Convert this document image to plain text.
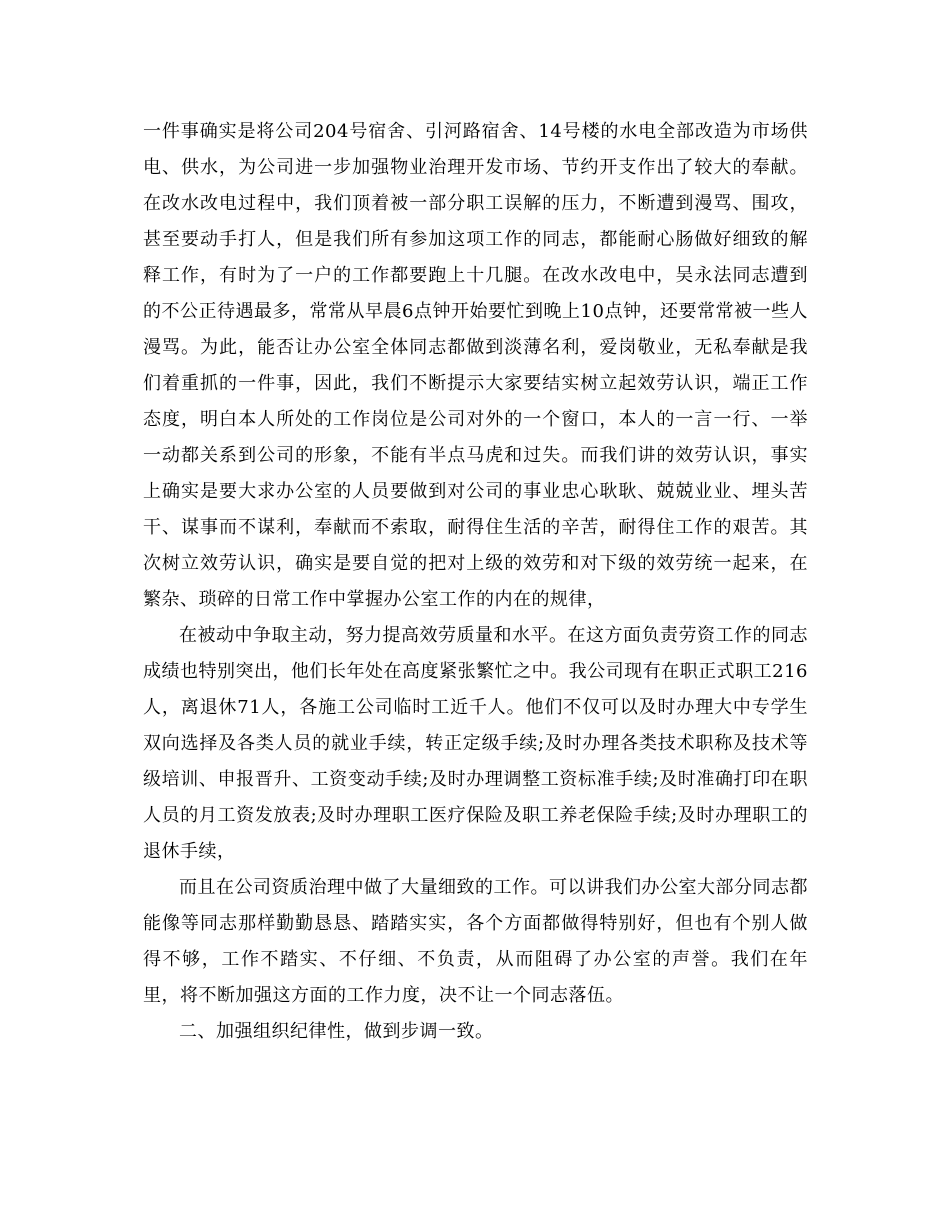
一件事确实是将公司204号宿舍、引河路宿舍、14号楼的水电全部改造为市场供电、供水，为公司进一步加强物业治理开发市场、节约开支作出了较大的奉献。在改水改电过程中，我们顶着被一部分职工误解的压力，不断遭到漫骂、围攻，甚至要动手打人，但是我们所有参加这项工作的同志，都能耐心肠做好细致的解释工作，有时为了一户的工作都要跑上十几腿。在改水改电中，吴永法同志遭到的不公正待遇最多，常常从早晨6点钟开始要忙到晚上10点钟，还要常常被一些人漫骂。为此，能否让办公室全体同志都做到淡薄名利，爱岗敬业，无私奉献是我们着重抓的一件事，因此，我们不断提示大家要结实树立起效劳认识，端正工作态度，明白本人所处的工作岗位是公司对外的一个窗口，本人的一言一行、一举一动都关系到公司的形象，不能有半点马虎和过失。而我们讲的效劳认识，事实上确实是要大求办公室的人员要做到对公司的事业忠心耿耿、兢兢业业、埋头苦干、谋事而不谋利，奉献而不索取，耐得住生活的辛苦，耐得住工作的艰苦。其次树立效劳认识，确实是要自觉的把对上级的效劳和对下级的效劳统一起来，在繁杂、琐碎的日常工作中掌握办公室工作的内在的规律，

在被动中争取主动，努力提高效劳质量和水平。在这方面负责劳资工作的同志成绩也特别突出，他们长年处在高度紧张繁忙之中。我公司现有在职正式职工216人，离退休71人，各施工公司临时工近千人。他们不仅可以及时办理大中专学生双向选择及各类人员的就业手续，转正定级手续;及时办理各类技术职称及技术等级培训、申报晋升、工资变动手续;及时办理调整工资标准手续;及时准确打印在职人员的月工资发放表;及时办理职工医疗保险及职工养老保险手续;及时办理职工的退休手续，

而且在公司资质治理中做了大量细致的工作。可以讲我们办公室大部分同志都能像等同志那样勤勤恳恳、踏踏实实，各个方面都做得特别好，但也有个别人做得不够，工作不踏实、不仔细、不负责，从而阻碍了办公室的声誉。我们在年里，将不断加强这方面的工作力度，决不让一个同志落伍。

二、加强组织纪律性，做到步调一致。
